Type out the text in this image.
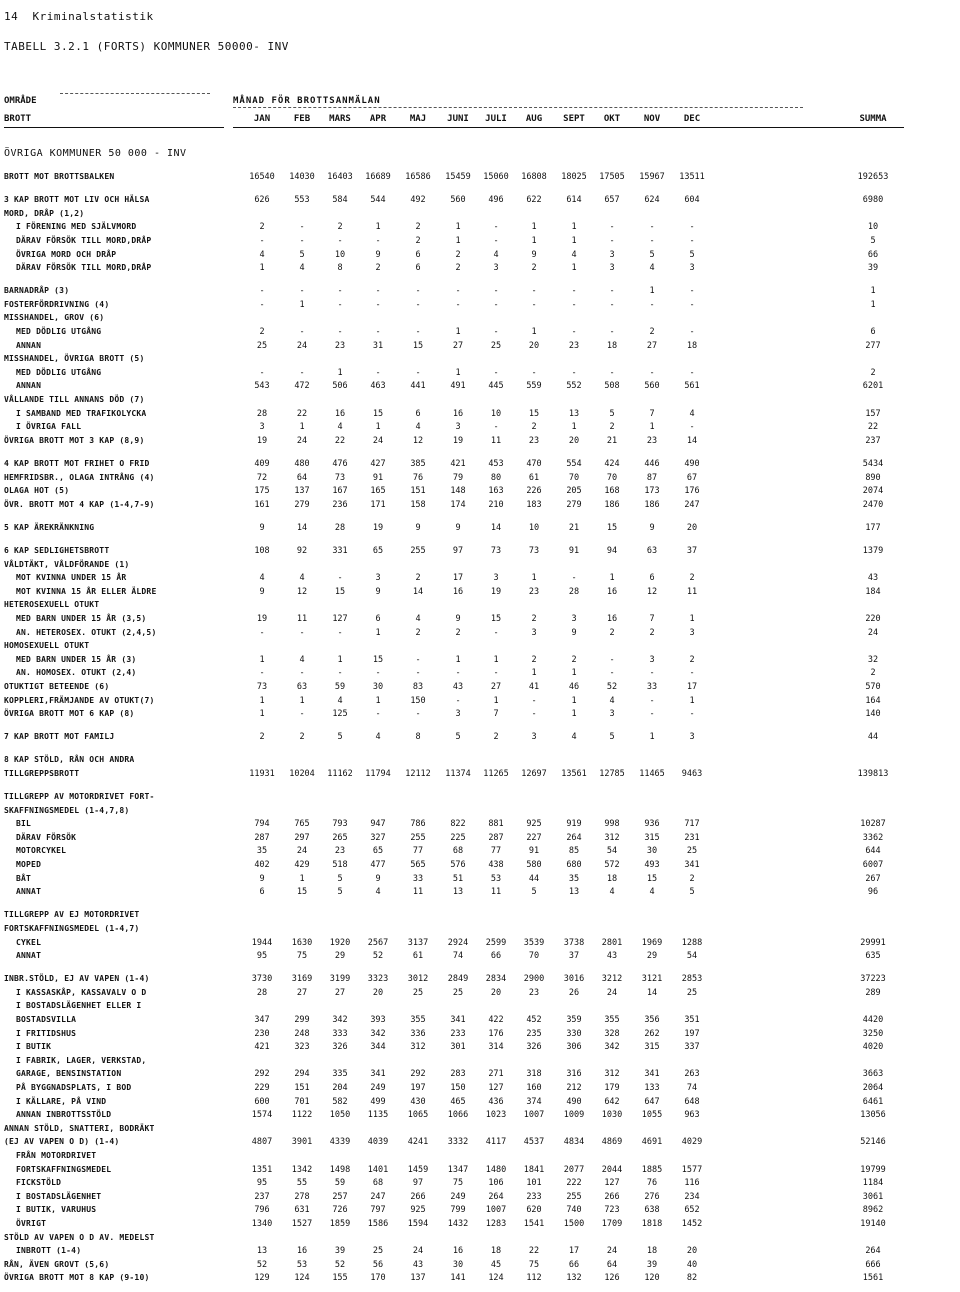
14 Kriminalstatistik
TABELL 3.2.1 (FORTS) KOMMUNER 50000- INV
OMRÅDE	MÅNAD FÖR BROTTSANMÄLAN
BROTT	JAN	FEB	MARS	APR	MAJ	JUNI	JULI	AUG	SEPT	OKT	NOV	DEC	SUMMA
ÖVRIGA KOMMUNER 50 000 - INV
BROTT MOT BROTTSBALKEN	16540	14030	16403	16689	16586	15459	15060	16808	18025	17505	15967	13511	192653
3 KAP BROTT MOT LIV OCH HÄLSA	626	553	584	544	492	560	496	622	614	657	624	604	6980
MORD, DRÅP (1,2)
I FÖRENING MED SJÄLVMORD	2	-	2	1	2	1	-	1	1	-	-	-	10
DÄRAV FÖRSÖK TILL MORD,DRÅP	-	-	-	-	2	1	-	1	1	-	-	-	5
ÖVRIGA MORD OCH DRÅP	4	5	10	9	6	2	4	9	4	3	5	5	66
DÄRAV FÖRSÖK TILL MORD,DRÅP	1	4	8	2	6	2	3	2	1	3	4	3	39
BARNADRÅP (3)	-	-	-	-	-	-	-	-	-	-	1	-	1
FOSTERFÖRDRIVNING (4)	-	1	-	-	-	-	-	-	-	-	-	-	1
MISSHANDEL, GROV (6)
MED DÖDLIG UTGÅNG	2	-	-	-	-	1	-	1	-	-	2	-	6
ANNAN	25	24	23	31	15	27	25	20	23	18	27	18	277
MISSHANDEL, ÖVRIGA BROTT (5)
MED DÖDLIG UTGÅNG	-	-	1	-	-	1	-	-	-	-	-	-	2
ANNAN	543	472	506	463	441	491	445	559	552	508	560	561	6201
VÅLLANDE TILL ANNANS DÖD (7)
I SAMBAND MED TRAFIKOLYCKA	28	22	16	15	6	16	10	15	13	5	7	4	157
I ÖVRIGA FALL	3	1	4	1	4	3	-	2	1	2	1	-	22
ÖVRIGA BROTT MOT 3 KAP (8,9)	19	24	22	24	12	19	11	23	20	21	23	14	237
4 KAP BROTT MOT FRIHET O FRID	409	480	476	427	385	421	453	470	554	424	446	490	5434
HEMFRIDSBR., OLAGA INTRÅNG (4)	72	64	73	91	76	79	80	61	70	70	87	67	890
OLAGA HOT (5)	175	137	167	165	151	148	163	226	205	168	173	176	2074
ÖVR. BROTT MOT 4 KAP (1-4,7-9)	161	279	236	171	158	174	210	183	279	186	186	247	2470
5 KAP ÄREKRÄNKNING	9	14	28	19	9	9	14	10	21	15	9	20	177
6 KAP SEDLIGHETSBROTT	108	92	331	65	255	97	73	73	91	94	63	37	1379
VÅLDTÄKT, VÅLDFÖRANDE (1)
MOT KVINNA UNDER 15 ÅR	4	4	-	3	2	17	3	1	-	1	6	2	43
MOT KVINNA 15 ÅR ELLER ÄLDRE	9	12	15	9	14	16	19	23	28	16	12	11	184
HETEROSEXUELL OTUKT
MED BARN UNDER 15 ÅR (3,5)	19	11	127	6	4	9	15	2	3	16	7	1	220
AN. HETEROSEX. OTUKT (2,4,5)	-	-	-	1	2	2	-	3	9	2	2	3	24
HOMOSEXUELL OTUKT
MED BARN UNDER 15 ÅR (3)	1	4	1	15	-	1	1	2	2	-	3	2	32
AN. HOMOSEX. OTUKT (2,4)	-	-	-	-	-	-	-	1	1	-	-	-	2
OTUKTIGT BETEENDE (6)	73	63	59	30	83	43	27	41	46	52	33	17	570
KOPPLERI,FRÄMJANDE AV OTUKT(7)	1	1	4	1	150	-	1	-	1	4	-	1	164
ÖVRIGA BROTT MOT 6 KAP (8)	1	-	125	-	-	3	7	-	1	3	-	-	140
7 KAP BROTT MOT FAMILJ	2	2	5	4	8	5	2	3	4	5	1	3	44
8 KAP STÖLD, RÅN OCH ANDRA
TILLGREPPSBROTT	11931	10204	11162	11794	12112	11374	11265	12697	13561	12785	11465	9463	139813
TILLGREPP AV MOTORDRIVET FORT-
SKAFFNINGSMEDEL (1-4,7,8)
BIL	794	765	793	947	786	822	881	925	919	998	936	717	10287
DÄRAV FÖRSÖK	287	297	265	327	255	225	287	227	264	312	315	231	3362
MOTORCYKEL	35	24	23	65	77	68	77	91	85	54	30	25	644
MOPED	402	429	518	477	565	576	438	580	680	572	493	341	6007
BÅT	9	1	5	9	33	51	53	44	35	18	15	2	267
ANNAT	6	15	5	4	11	13	11	5	13	4	4	5	96
TILLGREPP AV EJ MOTORDRIVET
FORTSKAFFNINGSMEDEL (1-4,7)
CYKEL	1944	1630	1920	2567	3137	2924	2599	3539	3738	2801	1969	1288	29991
ANNAT	95	75	29	52	61	74	66	70	37	43	29	54	635
INBR.STÖLD, EJ AV VAPEN (1-4)	3730	3169	3199	3323	3012	2849	2834	2900	3016	3212	3121	2853	37223
I KASSASKÅP, KASSAVALV O D	28	27	27	20	25	25	20	23	26	24	14	25	289
I BOSTADSLÄGENHET ELLER I
BOSTADSVILLA	347	299	342	393	355	341	422	452	359	355	356	351	4420
I FRITIDSHUS	230	248	333	342	336	233	176	235	330	328	262	197	3250
I BUTIK	421	323	326	344	312	301	314	326	306	342	315	337	4020
I FABRIK, LAGER, VERKSTAD,
GARAGE, BENSINSTATION	292	294	335	341	292	283	271	318	316	312	341	263	3663
PÅ BYGGNADSPLATS, I BOD	229	151	204	249	197	150	127	160	212	179	133	74	2064
I KÄLLARE, PÅ VIND	600	701	582	499	430	465	436	374	490	642	647	648	6461
ANNAN INBROTTSSTÖLD	1574	1122	1050	1135	1065	1066	1023	1007	1009	1030	1055	963	13056
ANNAN STÖLD, SNATTERI, BODRÄKT
(EJ AV VAPEN O D) (1-4)	4807	3901	4339	4039	4241	3332	4117	4537	4834	4869	4691	4029	52146
FRÅN MOTORDRIVET
FORTSKAFFNINGSMEDEL	1351	1342	1498	1401	1459	1347	1480	1841	2077	2044	1885	1577	19799
FICKSTÖLD	95	55	59	68	97	75	106	101	222	127	76	116	1184
I BOSTADSLÄGENHET	237	278	257	247	266	249	264	233	255	266	276	234	3061
I BUTIK, VARUHUS	796	631	726	797	925	799	1007	620	740	723	638	652	8962
ÖVRIGT	1340	1527	1859	1586	1594	1432	1283	1541	1500	1709	1818	1452	19140
STÖLD AV VAPEN O D AV. MEDELST
INBROTT (1-4)	13	16	39	25	24	16	18	22	17	24	18	20	264
RÅN, ÄVEN GROVT (5,6)	52	53	52	56	43	30	45	75	66	64	39	40	666
ÖVRIGA BROTT MOT 8 KAP (9-10)	129	124	155	170	137	141	124	112	132	126	120	82	1561
